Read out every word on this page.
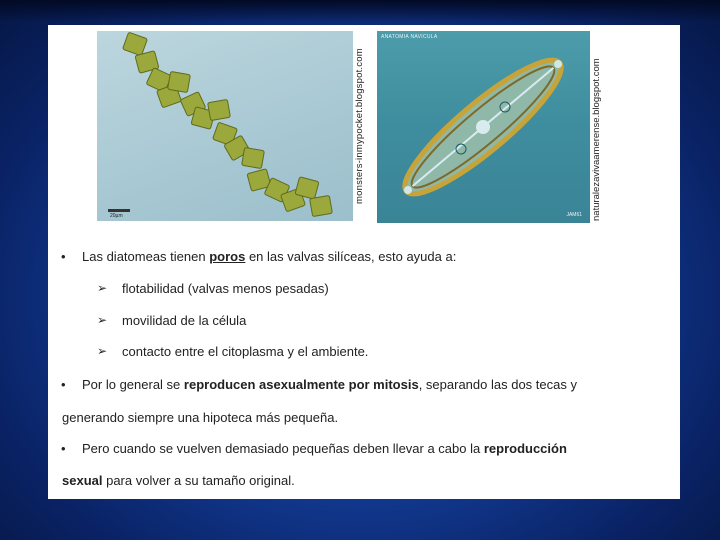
20µm
monsters-inmypocket.blogspot.com
ANATOMIA NAVICULA
JAM61 naturalezavivaamerense.blogspot.com
• Las diatomeas tienen poros en las valvas silíceas, esto ayuda a:
➢ flotabilidad (valvas menos pesadas)
➢ movilidad de la célula
➢ contacto entre el citoplasma y el ambiente.
• Por lo general se reproducen asexualmente por mitosis, separando las dos tecas y
generando siempre una hipoteca más pequeña.
• Pero cuando se vuelven demasiado pequeñas deben llevar a cabo la reproducción
sexual para volver a su tamaño original.
